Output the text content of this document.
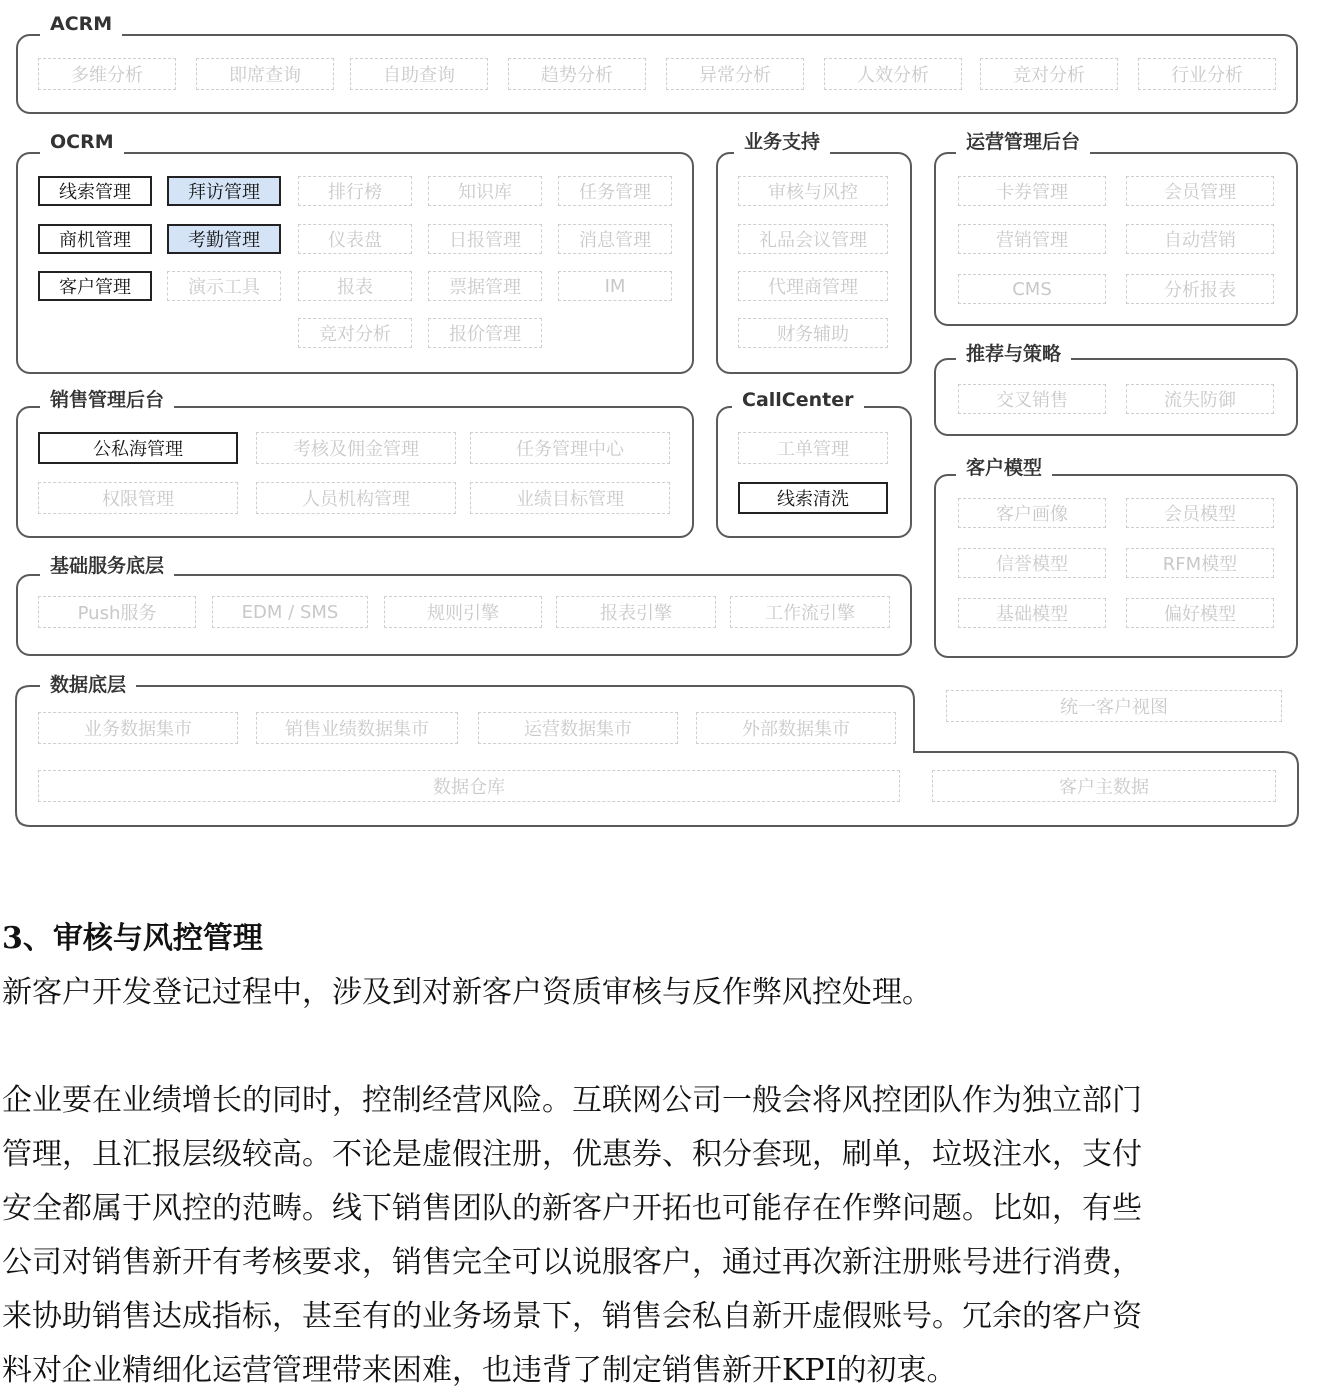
ACRM
OCRM	业务支持	运营管理后台
推荐与策略
销售管理后台	CallCenter
客户模型
基础服务底层
数据底层
多维分析	即席查询	自助查询	趋势分析	异常分析	人效分析	竞对分析	行业分析
线索管理	拜访管理	排行榜	知识库	任务管理
商机管理	考勤管理	仪表盘	日报管理	消息管理
客户管理	演示工具	报表	票据管理	IM
竞对分析	报价管理
审核与风控
礼品会议管理
代理商管理
财务辅助
卡券管理	会员管理
营销管理	自动营销
CMS	分析报表
交叉销售	流失防御
公私海管理	考核及佣金管理	任务管理中心
权限管理	人员机构管理	业绩目标管理
工单管理
线索清洗
客户画像	会员模型
信誉模型	RFM模型
基础模型	偏好模型
Push服务	EDM / SMS	规则引擎	报表引擎	工作流引擎
统一客户视图
业务数据集市	销售业绩数据集市	运营数据集市	外部数据集市
数据仓库	客户主数据
3、审核与风控管理
新客户开发登记过程中，涉及到对新客户资质审核与反作弊风控处理。
企业要在业绩增长的同时，控制经营风险。互联网公司一般会将风控团队作为独立部门
管理，且汇报层级较高。不论是虚假注册，优惠券、积分套现，刷单，垃圾注水，支付
安全都属于风控的范畴。线下销售团队的新客户开拓也可能存在作弊问题。比如，有些
公司对销售新开有考核要求，销售完全可以说服客户，通过再次新注册账号进行消费，
来协助销售达成指标，甚至有的业务场景下，销售会私自新开虚假账号。冗余的客户资
料对企业精细化运营管理带来困难，也违背了制定销售新开KPI的初衷。
